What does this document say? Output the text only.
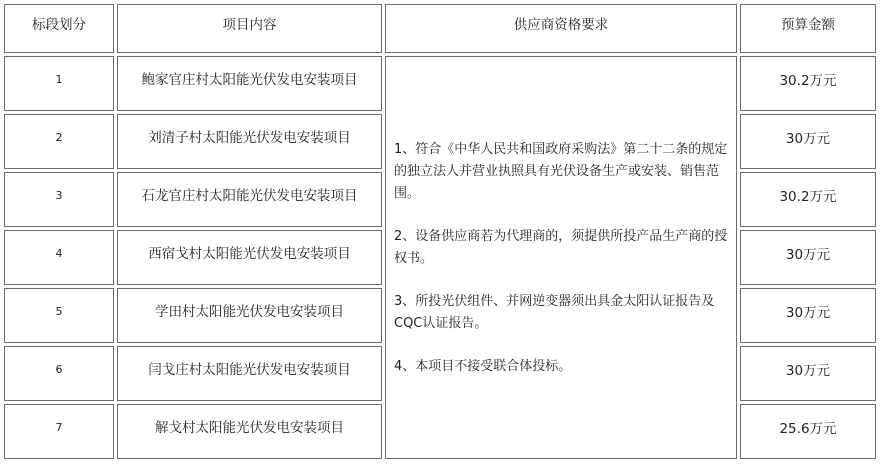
标段划分	项目内容	供应商资格要求	预算金额
1	鲍家官庄村太阳能光伏发电安装项目	1、符合《中华人民共和国政府采购法》第二十二条的规定的独立法人并营业执照具有光伏设备生产或安装、销售范围。

2、设备供应商若为代理商的，须提供所投产品生产商的授权书。

3、所投光伏组件、并网逆变器须出具金太阳认证报告及CQC认证报告。

4、本项目不接受联合体投标。	30.2万元
2	刘清子村太阳能光伏发电安装项目		30万元
3	石龙官庄村太阳能光伏发电安装项目		30.2万元
4	西宿戈村太阳能光伏发电安装项目		30万元
5	学田村太阳能光伏发电安装项目		30万元
6	闫戈庄村太阳能光伏发电安装项目		30万元
7	解戈村太阳能光伏发电安装项目		25.6万元
